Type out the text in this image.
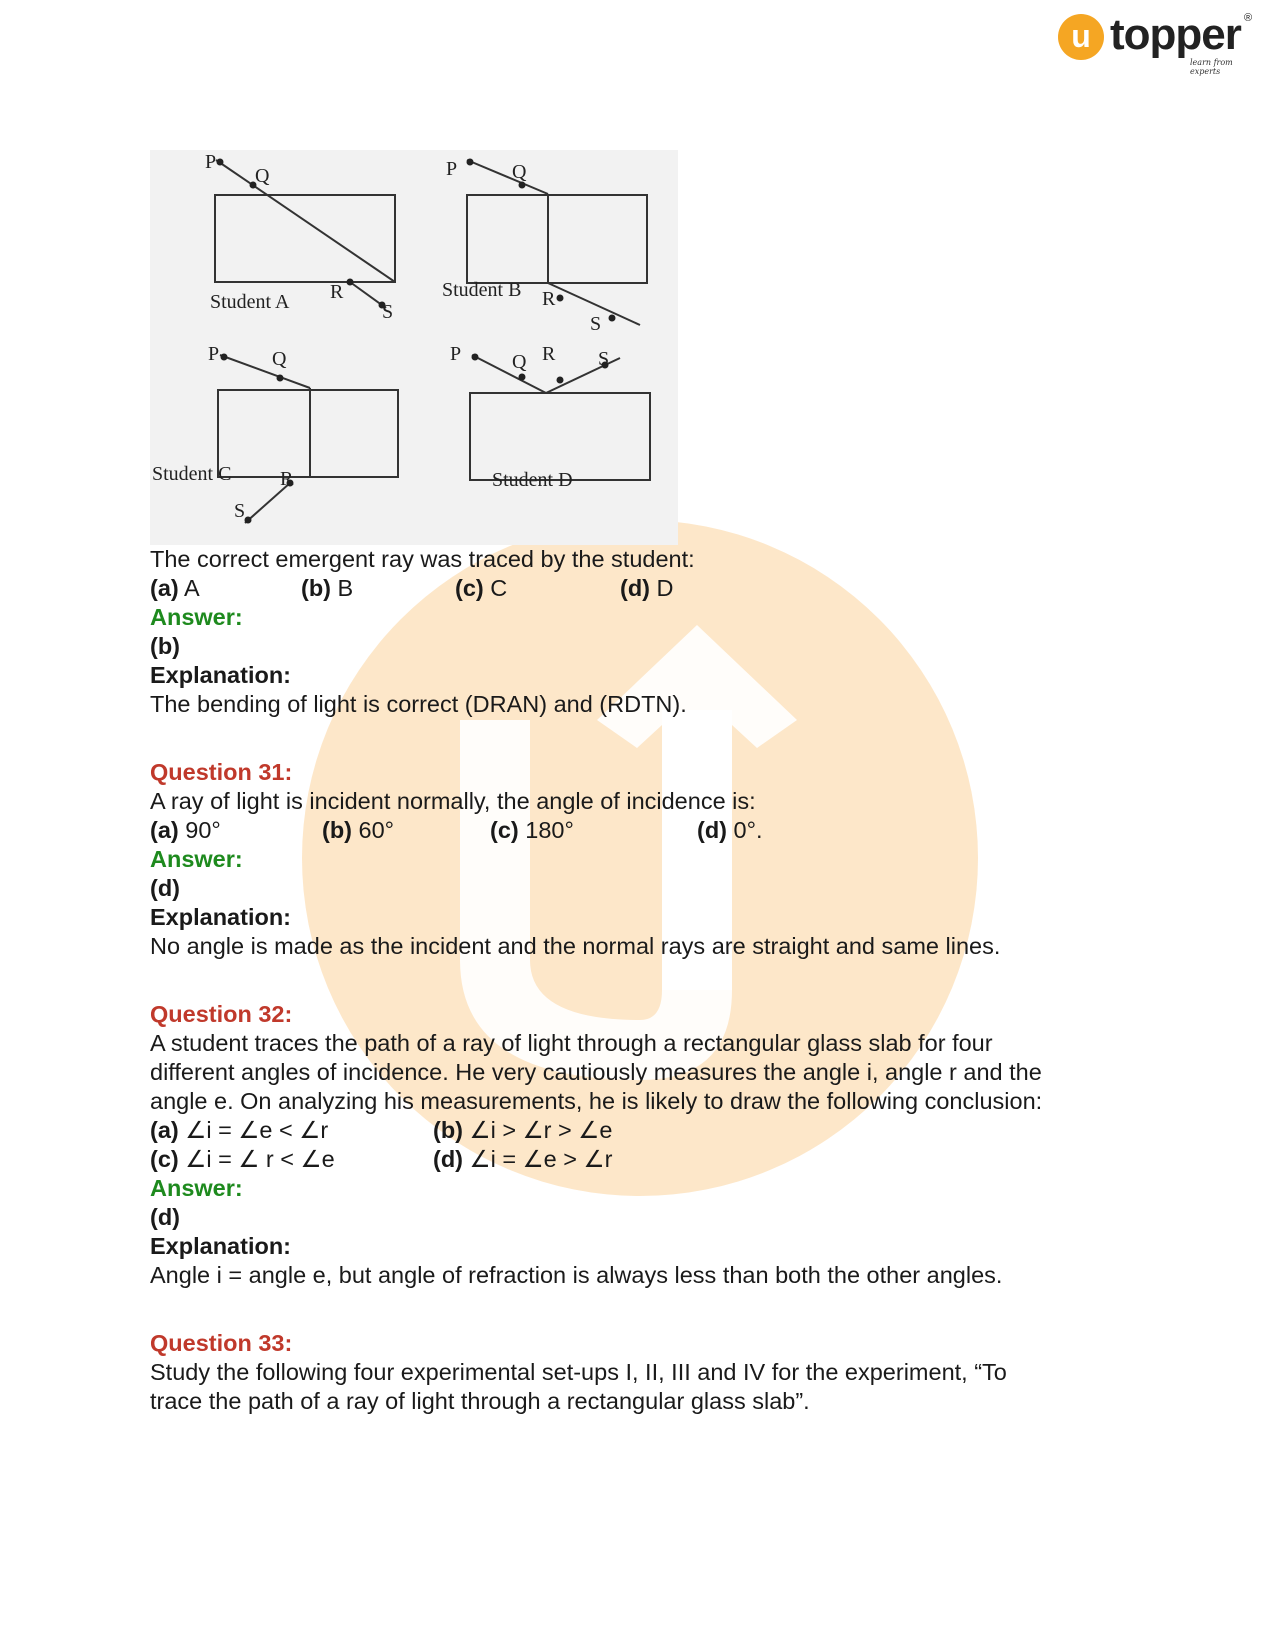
u topper ®
learn from experts
P
Q
R
S
Student A
P	Q
R
S
Student B
P	Q
R
S
Student C
P	Q R S
Student D
The correct emergent ray was traced by the student:
(a) A	(b) B	(c) C	(d) D
Answer:
(b)
Explanation:
The bending of light is correct (DRAN) and (RDTN).
Question 31:
A ray of light is incident normally, the angle of incidence is:
(a) 90°	(b) 60°	(c) 180°	(d) 0°.
Answer:
(d)
Explanation:
No angle is made as the incident and the normal rays are straight and same lines.
Question 32:
A student traces the path of a ray of light through a rectangular glass slab for four
different angles of incidence. He very cautiously measures the angle i, angle r and the
angle e. On analyzing his measurements, he is likely to draw the following conclusion:
(a) ∠i = ∠e < ∠r	(b) ∠i > ∠r > ∠e
(c) ∠i = ∠ r < ∠e	(d) ∠i = ∠e > ∠r
Answer:
(d)
Explanation:
Angle i = angle e, but angle of refraction is always less than both the other angles.
Question 33:
Study the following four experimental set-ups I, II, III and IV for the experiment, “To
trace the path of a ray of light through a rectangular glass slab”.
